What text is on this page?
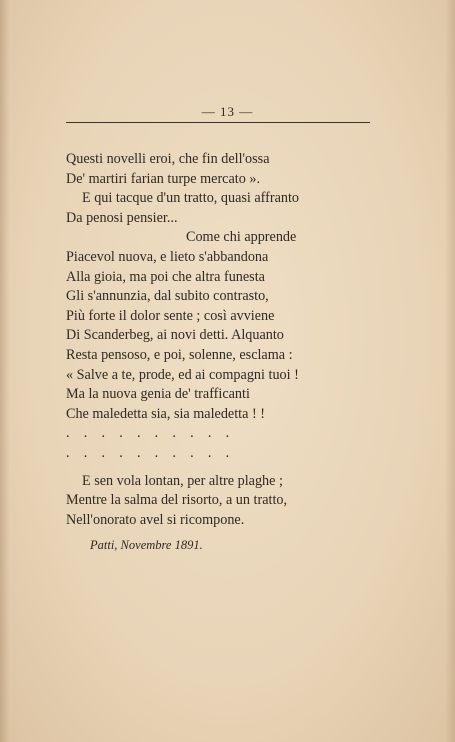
— 13 —
Questi novelli eroi, che fin dell'ossa
De' martiri farian turpe mercato ».
E qui tacque d'un tratto, quasi affranto
Da penosi pensier...
Come chi apprende
Piacevol nuova, e lieto s'abbandona
Alla gioia, ma poi che altra funesta
Gli s'annunzia, dal subito contrasto,
Più forte il dolor sente ; così avviene
Di Scanderbeg, ai novi detti. Alquanto
Resta pensoso, e poi, solenne, esclama :
« Salve a te, prode, ed ai compagni tuoi !
Ma la nuova genia de' trafficanti
Che maledetta sia, sia maledetta ! !
.    .    .    .    .    .    .    .    .    .
.    .    .    .    .    .    .    .    .    .
E sen vola lontan, per altre plaghe ;
Mentre la salma del risorto, a un tratto,
Nell'onorato avel si ricompone.
Patti, Novembre 1891.
